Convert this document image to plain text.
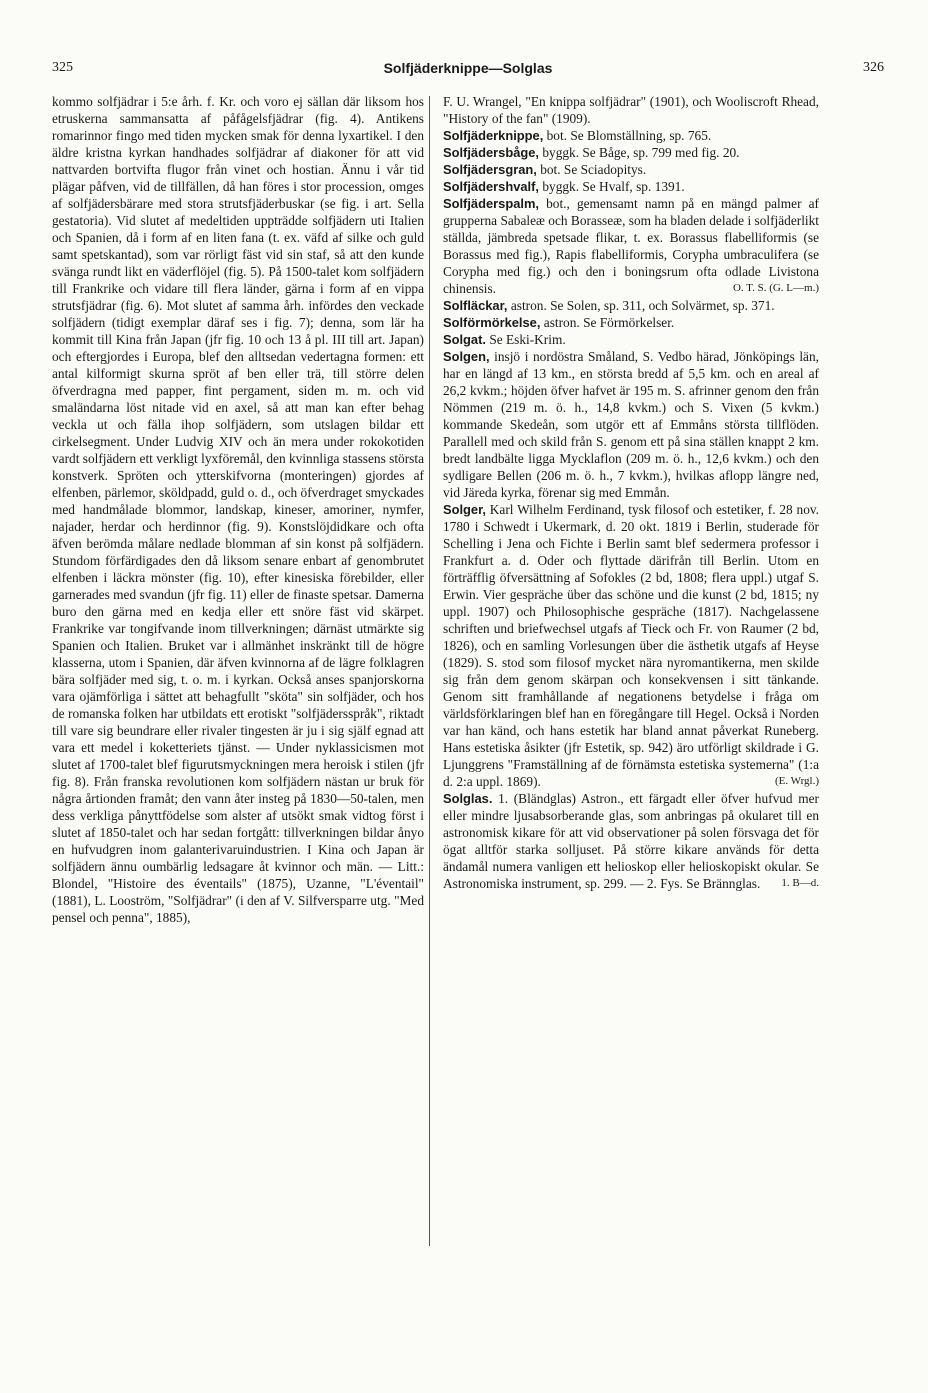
325	Solfjäderknippe—Solglas	326

kommo solfjädrar i 5:e årh. f. Kr. och voro ej sällan där liksom hos etruskerna sammansatta af påfågelsfjädrar (fig. 4). Antikens romarinnor fingo med tiden mycken smak för denna lyxartikel. I den äldre kristna kyrkan handhades solfjädrar af diakoner för att vid nattvarden bortvifta flugor från vinet och hostian. Ännu i vår tid plägar påfven, vid de tillfällen, då han föres i stor procession, omges af solfjädersbärare med stora strutsfjäderbuskar (se fig. i art. Sella gestatoria). Vid slutet af medeltiden uppträdde solfjädern uti Italien och Spanien, då i form af en liten fana (t. ex. väfd af silke och guld samt spetskantad), som var rörligt fäst vid sin staf, så att den kunde svänga rundt likt en väderflöjel (fig. 5). På 1500-talet kom solfjädern till Frankrike och vidare till flera länder, gärna i form af en vippa strutsfjädrar (fig. 6). Mot slutet af samma årh. infördes den veckade solfjädern (tidigt exemplar däraf ses i fig. 7); denna, som lär ha kommit till Kina från Japan (jfr fig. 10 och 13 å pl. III till art. Japan) och eftergjordes i Europa, blef den alltsedan vedertagna formen: ett antal kilformigt skurna spröt af ben eller trä, till större delen öfverdragna med papper, fint pergament, siden m. m. och vid smaländarna löst nitade vid en axel, så att man kan efter behag veckla ut och fälla ihop solfjädern, som utslagen bildar ett cirkelsegment. Under Ludvig XIV och än mera under rokokotiden vardt solfjädern ett verkligt lyxföremål, den kvinnliga stassens största konstverk. Spröten och ytterskifvorna (monteringen) gjordes af elfenben, pärlemor, sköldpadd, guld o. d., och öfverdraget smyckades med handmålade blommor, landskap, kineser, amoriner, nymfer, najader, herdar och herdinnor (fig. 9). Konstslöjdidkare och ofta äfven berömda målare nedlade blomman af sin konst på solfjädern. Stundom förfärdigades den då liksom senare enbart af genombrutet elfenben i läckra mönster (fig. 10), efter kinesiska förebilder, eller garnerades med svandun (jfr fig. 11) eller de finaste spetsar. Damerna buro den gärna med en kedja eller ett snöre fäst vid skärpet. Frankrike var tongifvande inom tillverkningen; därnäst utmärkte sig Spanien och Italien. Bruket var i allmänhet inskränkt till de högre klasserna, utom i Spanien, där äfven kvinnorna af de lägre folklagren bära solfjäder med sig, t. o. m. i kyrkan. Också anses spanjorskorna vara ojämförliga i sättet att behagfullt "sköta" sin solfjäder, och hos de romanska folken har utbildats ett erotiskt "solfjädersspråk", riktadt till vare sig beundrare eller rivaler tingesten är ju i sig själf egnad att vara ett medel i koketteriets tjänst. — Under nyklassicismen mot slutet af 1700-talet blef figurutsmyckningen mera heroisk i stilen (jfr fig. 8). Från franska revolutionen kom solfjädern nästan ur bruk för några årtionden framåt; den vann åter insteg på 1830—50-talen, men dess verkliga pånyttfödelse som alster af utsökt smak vidtog först i slutet af 1850-talet och har sedan fortgått: tillverkningen bildar ånyo en hufvudgren inom galanterivaruindustrien. I Kina och Japan är solfjädern ännu oumbärlig ledsagare åt kvinnor och män. — Litt.: Blondel, "Histoire des éventails" (1875), Uzanne, "L'éventail" (1881), L. Looström, "Solfjädrar" (i den af V. Silfversparre utg. "Med pensel och penna", 1885),

F. U. Wrangel, "En knippa solfjädrar" (1901), och Wooliscroft Rhead, "History of the fan" (1909).

Solfjäderknippe, bot. Se Blomställning, sp. 765.

Solfjädersbåge, byggk. Se Båge, sp. 799 med fig. 20.

Solfjädersgran, bot. Se Sciadopitys.

Solfjädershvalf, byggk. Se Hvalf, sp. 1391.

Solfjäderspalm, bot., gemensamt namn på en mängd palmer af grupperna Sabaleæ och Borasseæ, som ha bladen delade i solfjäderlikt ställda, jämbreda spetsade flikar, t. ex. Borassus flabelliformis (se Borassus med fig.), Rapis flabelliformis, Corypha umbraculifera (se Corypha med fig.) och den i boningsrum ofta odlade Livistona chinensis.	O. T. S. (G. L—m.)

Solfläckar, astron. Se Solen, sp. 311, och Solvärmet, sp. 371.

Solförmörkelse, astron. Se Förmörkelser.

Solgat. Se Eski-Krim.

Solgen, insjö i nordöstra Småland, S. Vedbo härad, Jönköpings län, har en längd af 13 km., en största bredd af 5,5 km. och en areal af 26,2 kvkm.; höjden öfver hafvet är 195 m. S. afrinner genom den från Nömmen (219 m. ö. h., 14,8 kvkm.) och S. Vixen (5 kvkm.) kommande Skedeån, som utgör ett af Emmåns största tillflöden. Parallell med och skild från S. genom ett på sina ställen knappt 2 km. bredt landbälte ligga Mycklaflon (209 m. ö. h., 12,6 kvkm.) och den sydligare Bellen (206 m. ö. h., 7 kvkm.), hvilkas aflopp längre ned, vid Järeda kyrka, förenar sig med Emmån.

Solger, Karl Wilhelm Ferdinand, tysk filosof och estetiker, f. 28 nov. 1780 i Schwedt i Ukermark, d. 20 okt. 1819 i Berlin, studerade för Schelling i Jena och Fichte i Berlin samt blef sedermera professor i Frankfurt a. d. Oder och flyttade därifrån till Berlin. Utom en förträfflig öfversättning af Sofokles (2 bd, 1808; flera uppl.) utgaf S. Erwin. Vier gespräche über das schöne und die kunst (2 bd, 1815; ny uppl. 1907) och Philosophische gespräche (1817). Nachgelassene schriften und briefwechsel utgafs af Tieck och Fr. von Raumer (2 bd, 1826), och en samling Vorlesungen über die ästhetik utgafs af Heyse (1829). S. stod som filosof mycket nära nyromantikerna, men skilde sig från dem genom skärpan och konsekvensen i sitt tänkande. Genom sitt framhållande af negationens betydelse i fråga om världsförklaringen blef han en föregångare till Hegel. Också i Norden var han känd, och hans estetik har bland annat påverkat Runeberg. Hans estetiska åsikter (jfr Estetik, sp. 942) äro utförligt skildrade i G. Ljunggrens "Framställning af de förnämsta estetiska systemerna" (1:a d. 2:a uppl. 1869).	(E. Wrgl.)

Solglas. 1. (Bländglas) Astron., ett färgadt eller öfver hufvud mer eller mindre ljusabsorberande glas, som anbringas på okularet till en astronomisk kikare för att vid observationer på solen försvaga det för ögat alltför starka solljuset. På större kikare används för detta ändamål numera vanligen ett helioskop eller helioskopiskt okular. Se Astronomiska instrument, sp. 299. — 2. Fys. Se Brännglas. 1. B—d.
